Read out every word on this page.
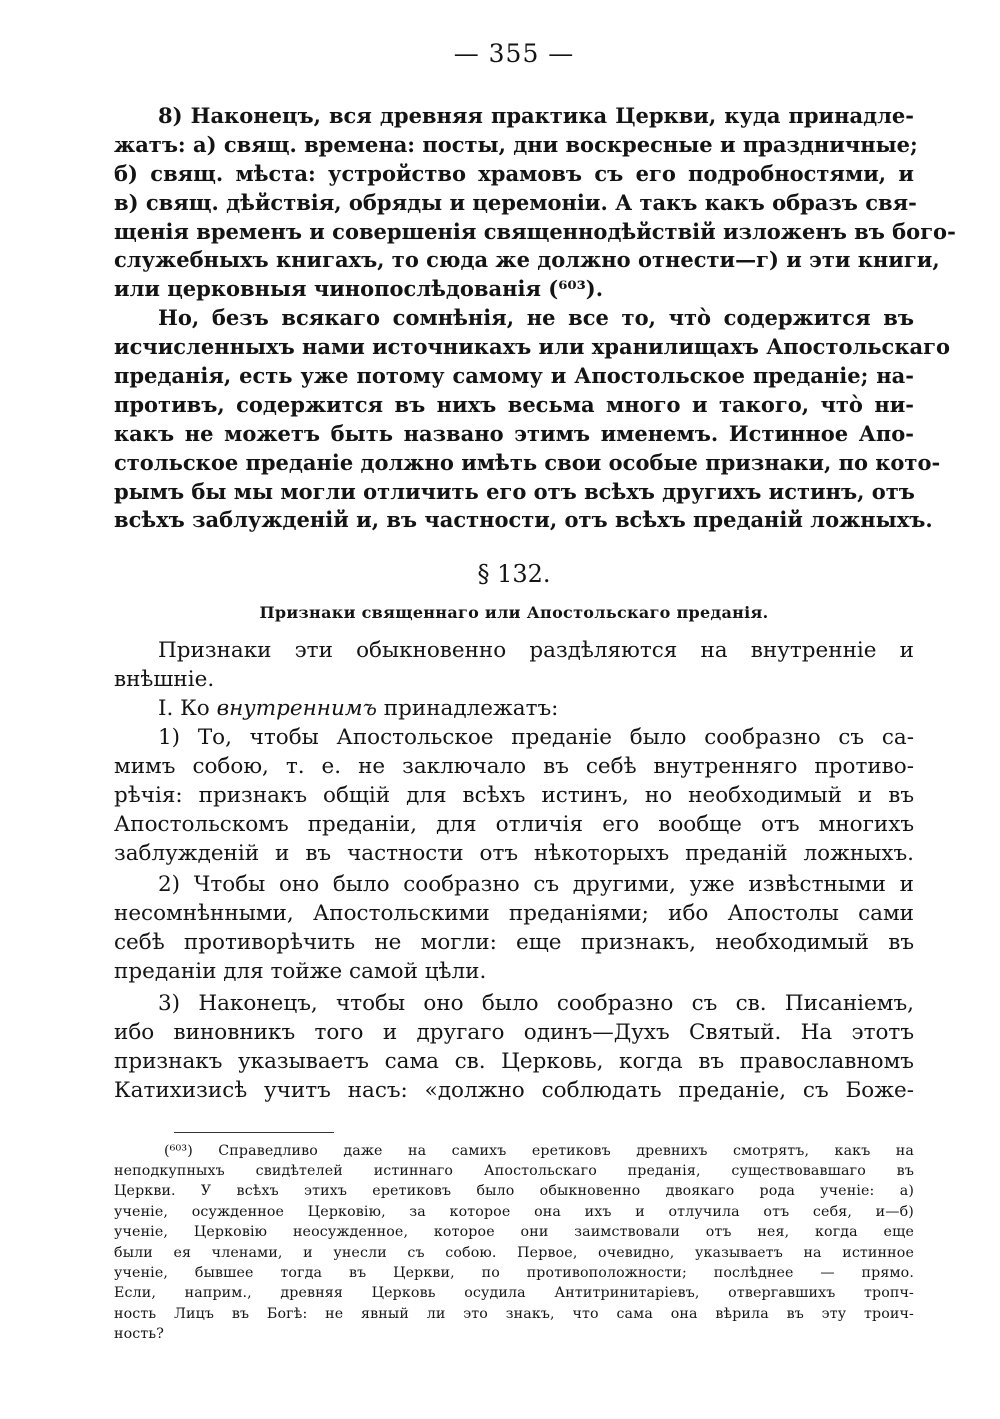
— 355 —
8) Наконецъ, вся древняя практика Церкви, куда принадле-
жатъ: а) свящ. времена: посты, дни воскресные и праздничные;
б) свящ. мѣста: устройство храмовъ съ его подробностями, и
в) свящ. дѣйствія, обряды и церемоніи. А такъ какъ образъ свя-
щенія временъ и совершенія священнодѣйствій изложенъ въ бого-
служебныхъ книгахъ, то сюда же должно отнести—г) и эти книги,
или церковныя чинопослѣдованія (⁶⁰³).
Но, безъ всякаго сомнѣнія, не все то, что̀ содержится въ
исчисленныхъ нами источникахъ или хранилищахъ Апостольскаго
преданія, есть уже потому самому и Апостольское преданіе; на-
противъ, содержится въ нихъ весьма много и такого, что̀ ни-
какъ не можетъ быть названо этимъ именемъ. Истинное Апо-
стольское преданіе должно имѣть свои особые признаки, по кото-
рымъ бы мы могли отличить его отъ всѣхъ другихъ истинъ, отъ
всѣхъ заблужденій и, въ частности, отъ всѣхъ преданій ложныхъ.
§ 132.
Признаки священнаго или Апостольскаго преданія.
Признаки эти обыкновенно раздѣляются на внутренніе и
внѣшніе.
I. Ко внутреннимъ принадлежатъ:
1) То, чтобы Апостольское преданіе было сообразно съ са-
мимъ собою, т. е. не заключало въ себѣ внутренняго противо-
рѣчія: признакъ общій для всѣхъ истинъ, но необходимый и въ
Апостольскомъ преданіи, для отличія его вообще отъ многихъ
заблужденій и въ частности отъ нѣкоторыхъ преданій ложныхъ.
2) Чтобы оно было сообразно съ другими, уже извѣстными и
несомнѣнными, Апостольскими преданіями; ибо Апостолы сами
себѣ противорѣчить не могли: еще признакъ, необходимый въ
преданіи для тойже самой цѣли.
3) Наконецъ, чтобы оно было сообразно съ св. Писаніемъ,
ибо виновникъ того и другаго одинъ—Духъ Святый. На этотъ
признакъ указываетъ сама св. Церковь, когда въ православномъ
Катихизисѣ учитъ насъ: «должно соблюдать преданіе, съ Боже-
(⁶⁰³) Справедливо даже на самихъ еретиковъ древнихъ смотрятъ, какъ на
неподкупныхъ свидѣтелей истиннаго Апостольскаго преданія, существовавшаго въ
Церкви. У всѣхъ этихъ еретиковъ было обыкновенно двоякаго рода ученіе: а)
ученіе, осужденное Церковію, за которое она ихъ и отлучила отъ себя, и—б)
ученіе, Церковію неосужденное, которое они заимствовали отъ нея, когда еще
были ея членами, и унесли съ собою. Первое, очевидно, указываетъ на истинное
ученіе, бывшее тогда въ Церкви, по противоположности; послѣднее — прямо.
Если, наприм., древняя Церковь осудила Антитринитаріевъ, отвергавшихъ тропч-
ность Лицъ въ Богѣ: не явный ли это знакъ, что сама она вѣрила въ эту троич-
ность?
